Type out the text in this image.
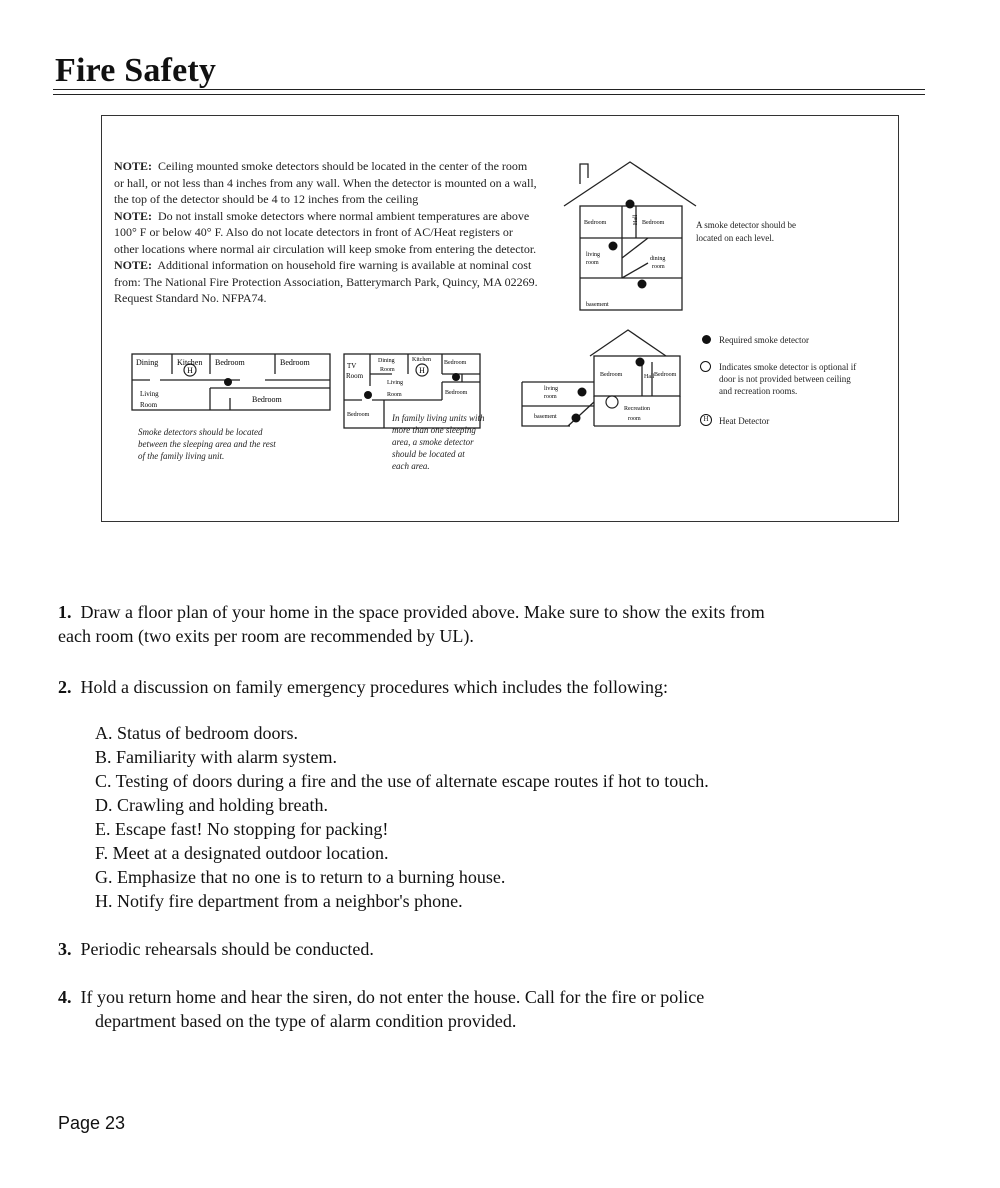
Fire Safety

NOTE: Ceiling mounted smoke detectors should be located in the center of the room or hall, or not less than 4 inches from any wall. When the detector is mounted on a wall, the top of the detector should be 4 to 12 inches from the ceiling

NOTE: Do not install smoke detectors where normal ambient temperatures are above 100° F or below 40° F. Also do not locate detectors in front of AC/Heat registers or other locations where normal air circulation will keep smoke from entering the detector.

NOTE: Additional information on household fire warning is available at nominal cost from: The National Fire Protection Association, Batterymarch Park, Quincy, MA 02269. Request Standard No. NFPA74.

H
Dining Kitchen Bedroom	Bedroom
Living
Room
Bedroom
Smoke detectors should be located
between the sleeping area and the rest
of the family living unit.
H
TV
Room
Dining
Room
Kitchen Bedroom
Living
Room	Bedroom
Bedroom	In family living units with
more than one sleeping
area, a smoke detector
should be located at
each area.
Bedroom	Hall Bedroom
living
room
dining
room
basement
A smoke detector should be
located on each level.
Bedroom	Hall Bedroom
living
room
basement
Recreation
room
Required smoke detector
Indicates smoke detector is optional if
door is not provided between ceiling
and recreation rooms.
H	Heat Detector
1. Draw a floor plan of your home in the space provided above. Make sure to show the exits from
each room (two exits per room are recommended by UL).
2. Hold a discussion on family emergency procedures which includes the following:
A. Status of bedroom doors.
B. Familiarity with alarm system.
C. Testing of doors during a fire and the use of alternate escape routes if hot to touch.
D. Crawling and holding breath.
E. Escape fast! No stopping for packing!
F. Meet at a designated outdoor location.
G. Emphasize that no one is to return to a burning house.
H. Notify fire department from a neighbor's phone.
3. Periodic rehearsals should be conducted.
4. If you return home and hear the siren, do not enter the house. Call for the fire or police
department based on the type of alarm condition provided.
Page 23
